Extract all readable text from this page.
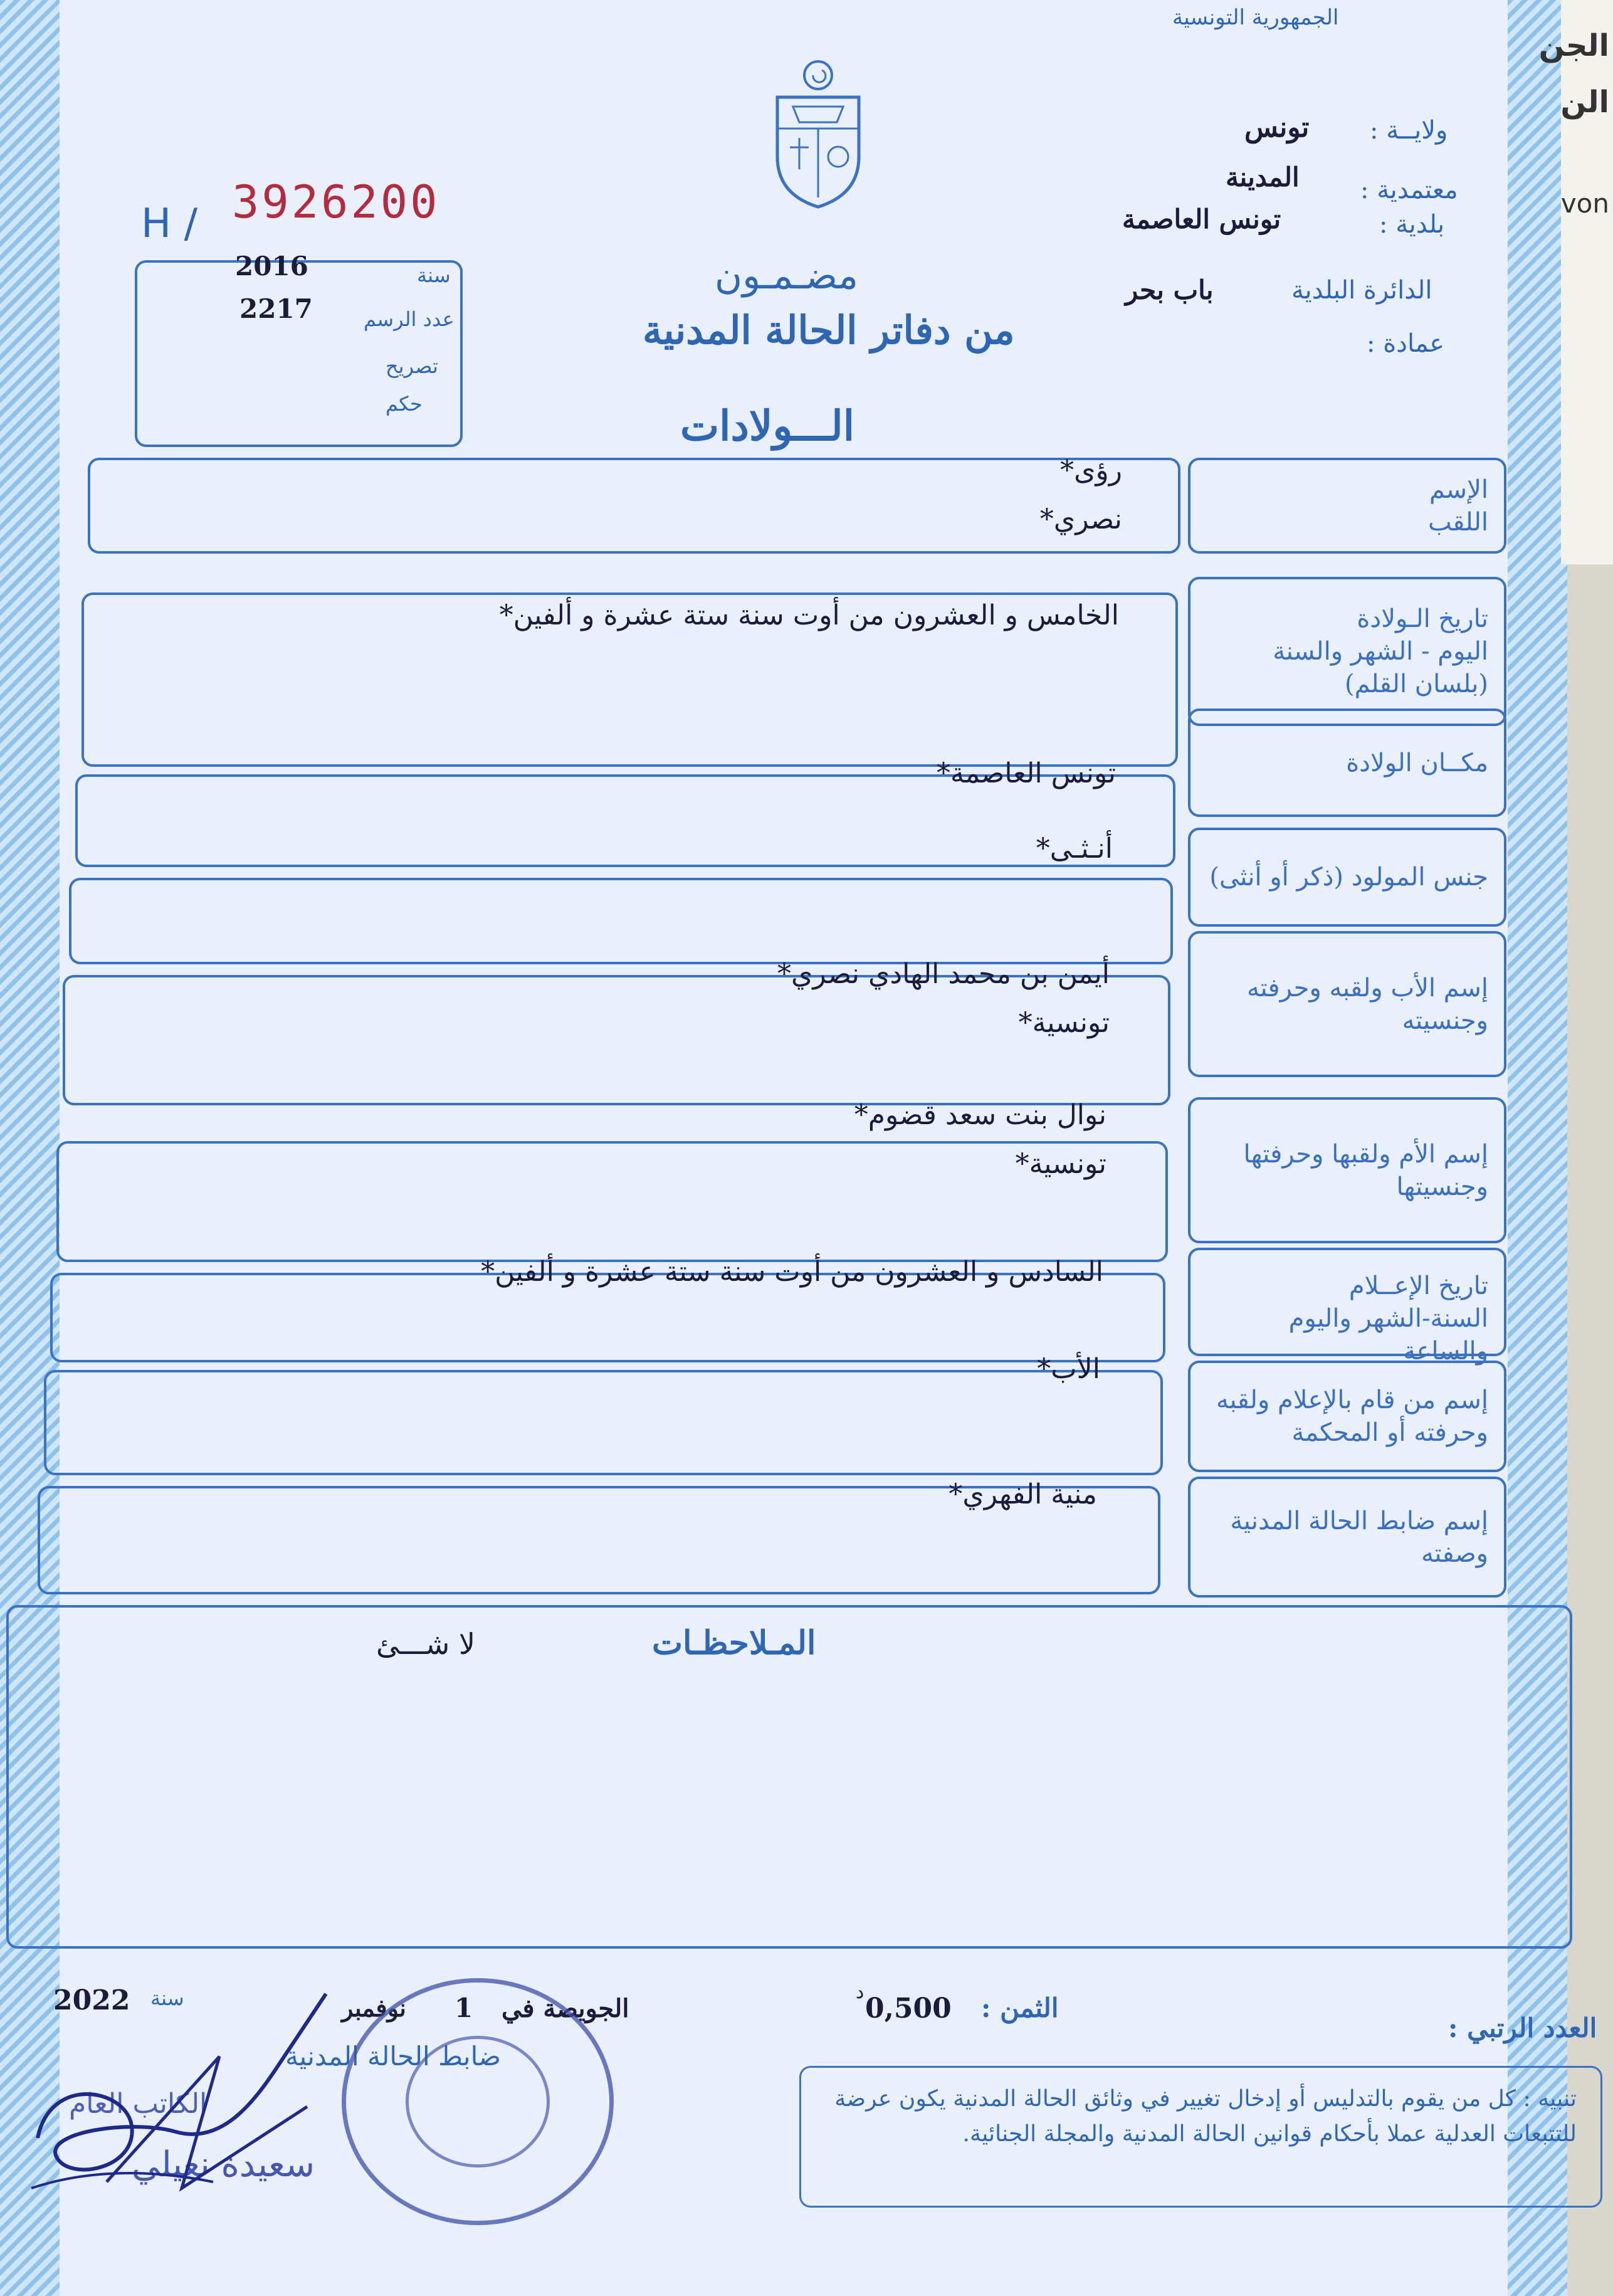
الجمهورية التونسية
ولايــة :
تونس
معتمدية :
المدينة
بلدية :
تونس العاصمة
الدائرة البلدية
باب بحر
عمادة :
H / 3926200
سنة
2016
عدد الرسم
2217
تصريح
حكم
مضـمـون
من دفاتر الحالة المدنية
الـــولادات
الإسم
اللقب
رؤى*
نصري*
تاريخ الـولادة
اليوم - الشهر والسنة
(بلسان القلم)
الخامس و العشرون من أوت سنة ستة عشرة و ألفين*
مكــان الولادة
تونس العاصمة*
جنس المولود (ذكر أو أنثى)
أنـثـى*
إسم الأب ولقبه وحرفته
وجنسيته
أيمن بن محمد الهادي نصري*
تونسية*
إسم الأم ولقبها وحرفتها
وجنسيتها
نوال بنت سعد قضوم*
تونسية*
تاريخ الإعــلام
السنة-الشهر واليوم والساعة
السادس و العشرون من أوت سنة ستة عشرة و ألفين*
إسم من قام بالإعلام ولقبه
وحرفته أو المحكمة
الأب*
إسم ضابط الحالة المدنية
وصفته
منية الفهري*
المـلاحظـات
لا شـــئ
العدد الرتبي :
الثمن :
0,500
د
الجويصة في
1
نوفمبر
سنة
2022
ضابط الحالة المدنية
تنبيه : كل من يقوم بالتدليس أو إدخال تغيير في وثائق الحالة المدنية يكون عرضة للتتبعات العدلية عملا بأحكام قوانين الحالة المدنية والمجلة الجنائية.
الكاتب العام
سعيدة نعيلي
الجن
الن
von
